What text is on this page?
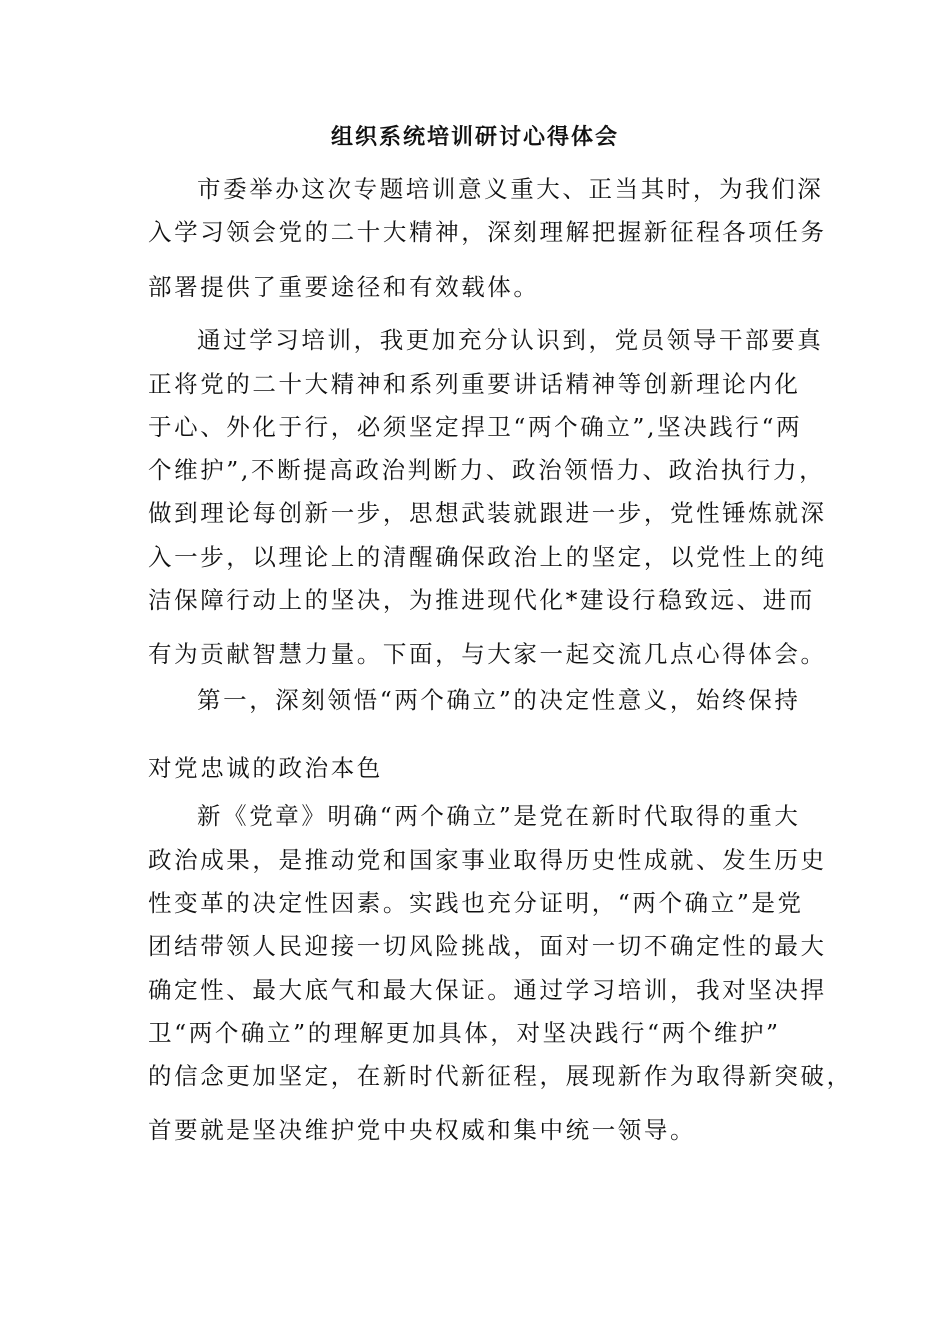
组织系统培训研讨心得体会
市委举办这次专题培训意义重大、正当其时，为我们深
入学习领会党的二十大精神，深刻理解把握新征程各项任务
部署提供了重要途径和有效载体。
通过学习培训，我更加充分认识到，党员领导干部要真
正将党的二十大精神和系列重要讲话精神等创新理论内化
于心、外化于行，必须坚定捍卫“两个确立”,坚决践行“两
个维护”,不断提高政治判断力、政治领悟力、政治执行力，
做到理论每创新一步，思想武装就跟进一步，党性锤炼就深
入一步，以理论上的清醒确保政治上的坚定，以党性上的纯
洁保障行动上的坚决，为推进现代化*建设行稳致远、进而
有为贡献智慧力量。下面，与大家一起交流几点心得体会。
第一，深刻领悟“两个确立”的决定性意义，始终保持
对党忠诚的政治本色
新《党章》明确“两个确立”是党在新时代取得的重大
政治成果，是推动党和国家事业取得历史性成就、发生历史
性变革的决定性因素。实践也充分证明，“两个确立”是党
团结带领人民迎接一切风险挑战，面对一切不确定性的最大
确定性、最大底气和最大保证。通过学习培训，我对坚决捍
卫“两个确立”的理解更加具体，对坚决践行“两个维护”
的信念更加坚定，在新时代新征程，展现新作为取得新突破，
首要就是坚决维护党中央权威和集中统一领导。
